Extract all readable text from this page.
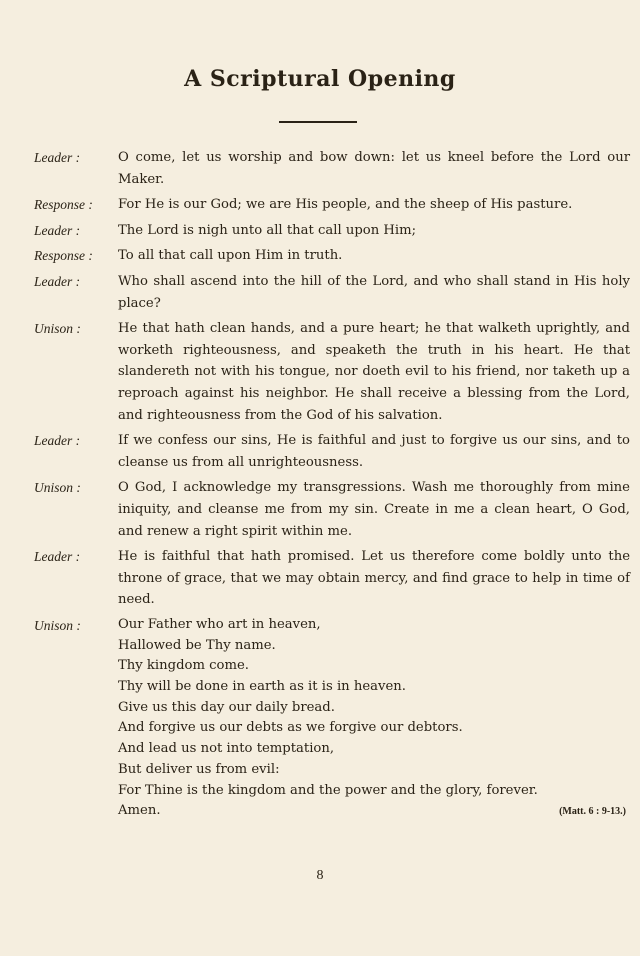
A Scriptural Opening
Leader :	O come, let us worship and bow down: let us kneel before the Lord our Maker.
Response :	For He is our God; we are His people, and the sheep of His pasture.
Leader :	The Lord is nigh unto all that call upon Him;
Response :	To all that call upon Him in truth.
Leader :	Who shall ascend into the hill of the Lord, and who shall stand in His holy place?
Unison :	He that hath clean hands, and a pure heart; he that walketh uprightly, and worketh righteousness, and speaketh the truth in his heart. He that slandereth not with his tongue, nor doeth evil to his friend, nor taketh up a reproach against his neighbor. He shall receive a blessing from the Lord, and righteousness from the God of his salvation.
Leader :	If we confess our sins, He is faithful and just to forgive us our sins, and to cleanse us from all unrighteousness.
Unison :	O God, I acknowledge my transgressions. Wash me thoroughly from mine iniquity, and cleanse me from my sin. Create in me a clean heart, O God, and renew a right spirit within me.
Leader :	He is faithful that hath promised. Let us therefore come boldly unto the throne of grace, that we may obtain mercy, and find grace to help in time of need.
Unison :	Our Father who art in heaven,
Hallowed be Thy name.
Thy kingdom come.
Thy will be done in earth as it is in heaven.
Give us this day our daily bread.
And forgive us our debts as we forgive our debtors.
And lead us not into temptation,
But deliver us from evil:
For Thine is the kingdom and the power and the glory, forever.
Amen.	(Matt. 6 : 9-13.)
8
